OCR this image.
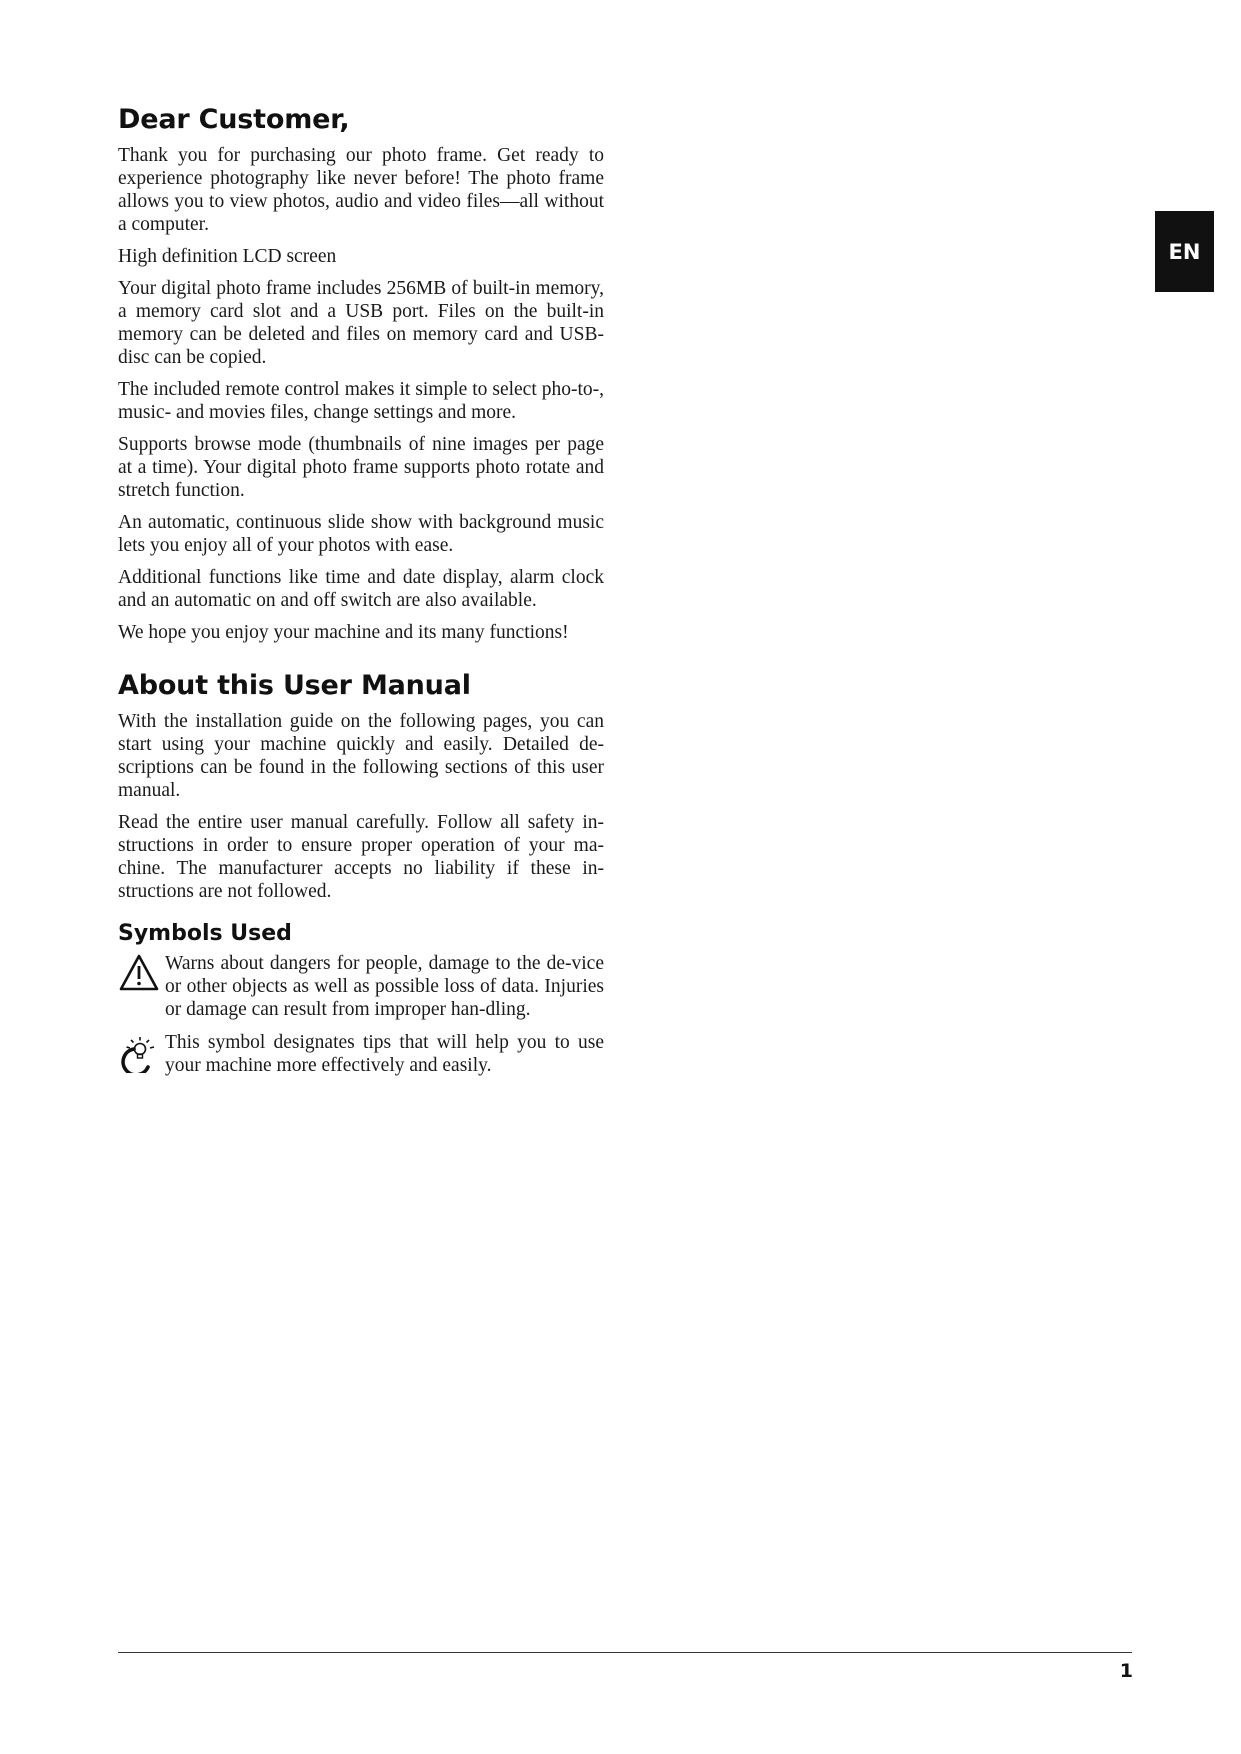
EN
Dear Customer,

Thank you for purchasing our photo frame. Get ready to experience photography like never before! The photo frame allows you to view photos, audio and video files—all without a computer.

High definition LCD screen

Your digital photo frame includes 256MB of built-in memory, a memory card slot and a USB port. Files on the built-in memory can be deleted and files on memory card and USB-disc can be copied.

The included remote control makes it simple to select pho-to-, music- and movies files, change settings and more.

Supports browse mode (thumbnails of nine images per page at a time). Your digital photo frame supports photo rotate and stretch function.

An automatic, continuous slide show with background music lets you enjoy all of your photos with ease.

Additional functions like time and date display, alarm clock and an automatic on and off switch are also available.

We hope you enjoy your machine and its many functions!

About this User Manual

With the installation guide on the following pages, you can start using your machine quickly and easily. Detailed de-scriptions can be found in the following sections of this user manual.

Read the entire user manual carefully. Follow all safety in-structions in order to ensure proper operation of your ma-chine. The manufacturer accepts no liability if these in-structions are not followed.

Symbols Used

Warns about dangers for people, damage to the de-vice or other objects as well as possible loss of data. Injuries or damage can result from improper han-dling.

This symbol designates tips that will help you to use your machine more effectively and easily.

1
